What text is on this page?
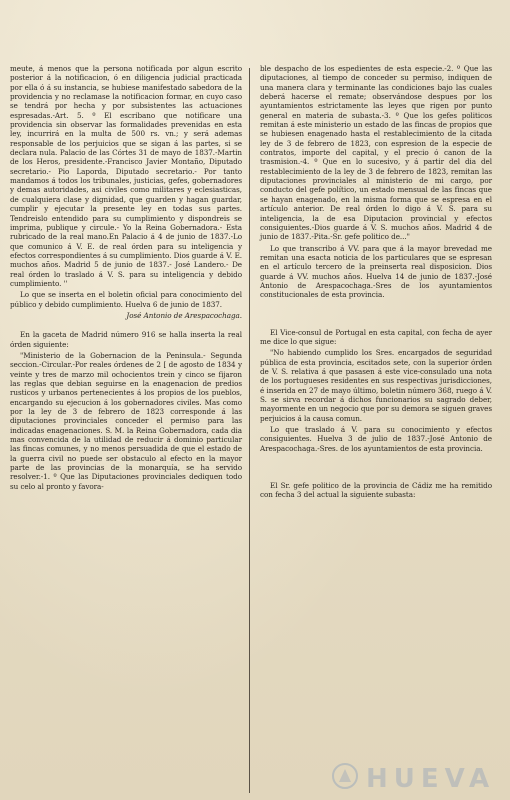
meute, á menos que la persona notificada por algun escrito posterior á la notificacion, ó en diligencia judicial practicada por ella ó á su instancia, se hubiese manifestado sabedora de la providencia y no reclamase la notificacion formar, en cuyo caso se tendrá por hecha y por subsistentes las actuaciones espresadas.-Art. 5. º El escribano que notificare una providencia sin observar las formalidades prevenidas en esta ley, incurrirá en la multa de 500 rs. vn.; y será ademas responsable de los perjuicios que se sigan á las partes, si se declara nula. Palacio de las Córtes 31 de mayo de 1837.-Martin de los Heros, presidente.-Francisco Javier Montaño, Diputado secretario.- Pio Laporda, Diputado secretario.- Por tanto mandamos á todos los tribunales, justicias, gefes, gobernadores y demas autoridades, asi civiles como militares y eclesiasticas, de cualquiera clase y dignidad, que guarden y hagan guardar, cumplir y ejecutar la presente ley en todas sus partes. Tendreislo entendido para su cumplimiento y dispondreis se imprima, publique y circule.- Yo la Reina Gobernadora.- Esta rubricado de la real mano.En Palacio á 4 de junio de 1837.-Lo que comunico á V. E. de real órden para su inteligencia y efectos correspondientes á su cumplimiento. Dios guarde á V. E. muchos años. Madrid 5 de junio de 1837.- José Landero.- De real órden lo traslado á V. S. para su inteligencia y debido cumplimiento. ''

Lo que se inserta en el boletin oficial para conocimiento del público y debido cumplimiento. Huelva 6 de junio de 1837.

José Antonio de Arespacochaga.

En la gaceta de Madrid número 916 se halla inserta la real órden siguiente:

"Ministerio de la Gobernacion de la Peninsula.- Segunda seccion.-Circular.-Por reales órdenes de 2 [ de agosto de 1834 y veinte y tres de marzo mil ochocientos trein y cinco se fijaron las reglas que debian seguirse en la enagenacion de predios rusticos y urbanos pertenecientes á los propios de los pueblos, encargando su ejecucion á los gobernadores civiles. Mas como por la ley de 3 de febrero de 1823 corresponde á las diputaciones provinciales conceder el permiso para las indicadas enagenaciones. S. M. la Reina Gobernadora, cada dia mas convencida de la utilidad de reducir á dominio particular las fincas comunes, y no menos persuadida de que el estado de la guerra civil no puede ser obstaculo al efecto en la mayor parte de las provincias de la monarquía, se ha servido resolver.-1. º Que las Diputaciones provinciales dediquen todo su celo al pronto y favora-

ble despacho de los espedientes de esta especie.-2. º Que las diputaciones, al tiempo de conceder su permiso, indiquen de una manera clara y terminante las condiciones bajo las cuales deberá hacerse el remate; observándose despues por los ayuntamientos estrictamente las leyes que rigen por punto general en materia de subasta.-3. º Que los gefes politicos remitan á este ministerio un estado de las fincas de propios que se hubiesen enagenado hasta el restablecimiento de la citada ley de 3 de febrero de 1823, con espresion de la especie de contratos, importe del capital, y el precio ó canon de la trasmision.-4. º Que en lo sucesivo, y á partir del dia del restablecimiento de la ley de 3 de febrero de 1823, remitan las diputaciones provinciales al ministerio de mi cargo, por conducto del gefe político, un estado mensual de las fincas que se hayan enagenado, en la misma forma que se espresa en el artículo anterior. De real órden lo digo á V. S. para su inteligencia, la de esa Diputacion provincial y efectos consiguientes.-Dios guarde á V. S. muchos años. Madrid 4 de junio de 1837.-Pita.-Sr. gefe politico de..."

Lo que transcribo á VV. para que á la mayor brevedad me remitan una esacta noticia de los particulares que se espresan en el artículo tercero de la preinserta real disposicion. Dios guarde á VV. muchos años. Huelva 14 de junio de 1837.-José Antonio de Arespacochaga.-Sres de los ayuntamientos constitucionales de esta provincia.

El Vice-consul de Portugal en esta capital, con fecha de ayer me dice lo que sigue:

"No habiendo cumplido los Sres. encargados de seguridad pública de esta provincia, escitados sete, con la superior órden de V. S. relativa á que pasasen á este vice-consulado una nota de los portugueses residentes en sus respectivas jurisdicciones, é inserida en 27 de mayo último, boletin número 368, ruego á V. S. se sirva recordar á dichos funcionarios su sagrado deber, mayormente en un negocio que por su demora se siguen graves perjuicios á la causa comun.

Lo que traslado á V. para su conocimiento y efectos consiguientes. Huelva 3 de julio de 1837.-José Antonio de Arespacochaga.-Sres. de los ayuntamientos de esta provincia.

El Sr. gefe politico de la provincia de Cádiz me ha remitido con fecha 3 del actual la siguiente subasta:

HUEVA
